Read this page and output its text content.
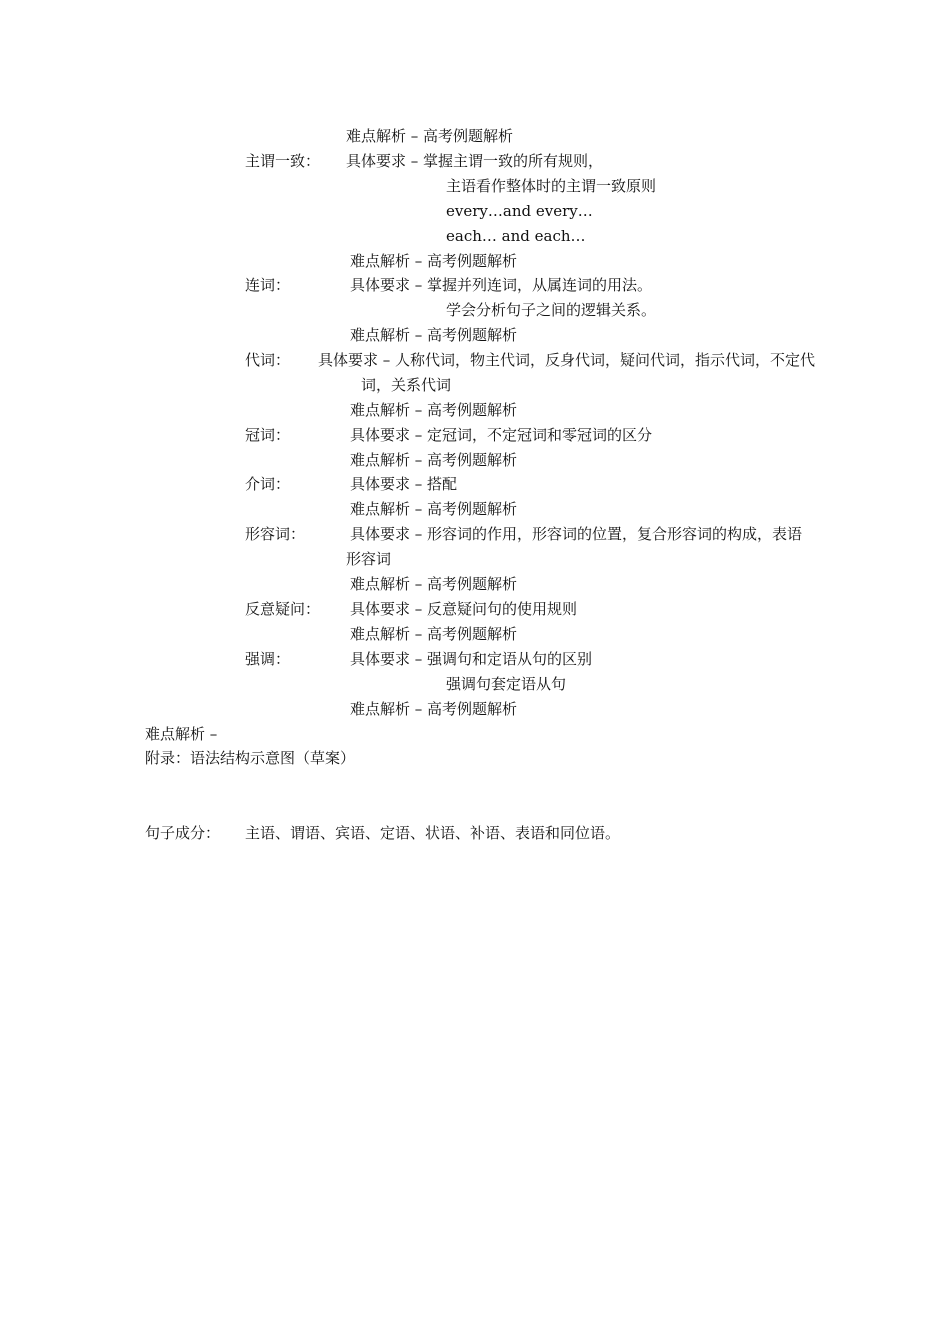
难点解析 – 高考例题解析
主谓一致： 具体要求 – 掌握主谓一致的所有规则，
主语看作整体时的主谓一致原则
every…and every…
each… and each…
难点解析 – 高考例题解析
连词：	具体要求 – 掌握并列连词，从属连词的用法。
学会分析句子之间的逻辑关系。
难点解析 – 高考例题解析
代词： 具体要求 – 人称代词，物主代词，反身代词，疑问代词，指示代词，不定代
词，关系代词
难点解析 – 高考例题解析
冠词：	具体要求 – 定冠词，不定冠词和零冠词的区分
难点解析 – 高考例题解析
介词：	具体要求 – 搭配
难点解析 – 高考例题解析
形容词：	具体要求 – 形容词的作用，形容词的位置，复合形容词的构成，表语
形容词
难点解析 – 高考例题解析
反意疑问： 具体要求 – 反意疑问句的使用规则
难点解析 – 高考例题解析
强调：	具体要求 – 强调句和定语从句的区别
强调句套定语从句
难点解析 – 高考例题解析
难点解析 –
附录：语法结构示意图（草案）
句子成分： 主语、谓语、宾语、定语、状语、补语、表语和同位语。
